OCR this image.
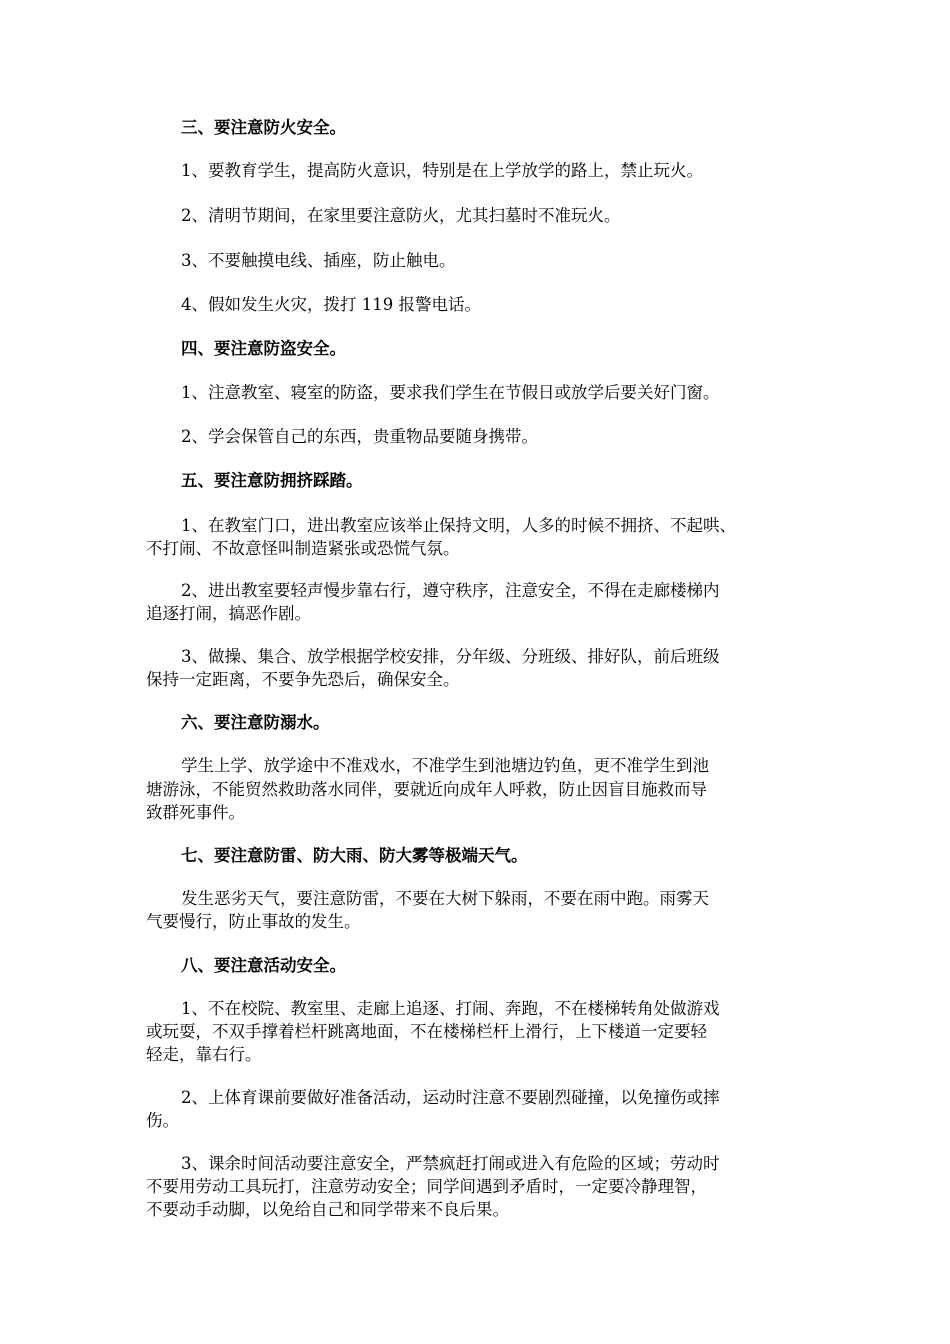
三、要注意防火安全。
1、要教育学生，提高防火意识，特别是在上学放学的路上，禁止玩火。
2、清明节期间，在家里要注意防火，尤其扫墓时不准玩火。
3、不要触摸电线、插座，防止触电。
4、假如发生火灾，拨打 119 报警电话。
四、要注意防盗安全。
1、注意教室、寝室的防盗，要求我们学生在节假日或放学后要关好门窗。
2、学会保管自己的东西，贵重物品要随身携带。
五、要注意防拥挤踩踏。
1、在教室门口，进出教室应该举止保持文明，人多的时候不拥挤、不起哄、
不打闹、不故意怪叫制造紧张或恐慌气氛。
2、进出教室要轻声慢步靠右行，遵守秩序，注意安全，不得在走廊楼梯内
追逐打闹，搞恶作剧。
3、做操、集合、放学根据学校安排，分年级、分班级、排好队，前后班级
保持一定距离，不要争先恐后，确保安全。
六、要注意防溺水。
学生上学、放学途中不准戏水，不准学生到池塘边钓鱼，更不准学生到池
塘游泳，不能贸然救助落水同伴，要就近向成年人呼救，防止因盲目施救而导
致群死事件。
七、要注意防雷、防大雨、防大雾等极端天气。
发生恶劣天气，要注意防雷，不要在大树下躲雨，不要在雨中跑。雨雾天
气要慢行，防止事故的发生。
八、要注意活动安全。
1、不在校院、教室里、走廊上追逐、打闹、奔跑，不在楼梯转角处做游戏
或玩耍，不双手撑着栏杆跳离地面，不在楼梯栏杆上滑行，上下楼道一定要轻
轻走，靠右行。
2、上体育课前要做好准备活动，运动时注意不要剧烈碰撞，以免撞伤或摔
伤。
3、课余时间活动要注意安全，严禁疯赶打闹或进入有危险的区域；劳动时
不要用劳动工具玩打，注意劳动安全；同学间遇到矛盾时，一定要冷静理智，
不要动手动脚，以免给自己和同学带来不良后果。
